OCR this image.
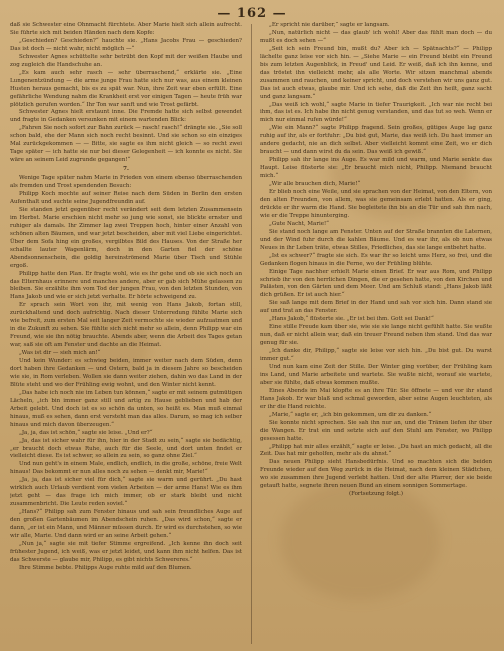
— 162 —

daß sie Schwester eine Ohnmacht fürchtete. Aber Marie hielt sich allein aufrecht. Sie führte sich mit beiden Händen nach dem Kopfe:

„Geschieden? Geschieden?“ hauchte sie. „Hans Jacobs Frau — geschieden? Das ist doch — nicht wahr, nicht möglich —“

Schwester Agnes schüttelte sehr betrübt den Kopf mit der weißen Haube und zog zugleich die Handschuhe an.

„Es kam auch sehr rasch — sehr überraschend,“ erklärte sie. „Eine Lungenentzündung — die arme junge Frau hatte sich nur was, aus einem kleinen Husten heraus gemacht, bis es zu spät war. Nun, ihre Zeit war eben erfüllt. Eine gefährliche Wendung nahm die Krankheit erst vor einigen Tagen — heute früh war plötzlich gerufen worden.“ Ihr Ton war sanft und wie Trost gefärbt.

Schwester Agnes hielt erstaunt inne. Die Fremde hatte sich selbst gewendet und fragte in Gedanken versunken mit einem wartenden Blick:

„Fahren Sie noch sofort zur Bahn zurück — rasch! rasch!“ drängte sie. „Sie soll schon bald, ehe der Mann sich noch recht besinnt. Und sie schon so ein einziges Mal zurückgekommen — — Bitte, sie sagte es ihm nicht gleich — so recht zwei Tage später — ich hatte sie nur bei dieser Gelegenheit — ich konnte es nicht. Sie wäre an seinem Leid zugrunde gegangen!“

7.

Wenige Tage später nahm Marie in Frieden von einem ebenso überraschenden als fremden und Trost spendenden Besuch:

Philipp Koch mochte auf seiner Reise nach dem Süden in Berlin den ersten Aufenthalt und suchte seine Jugendfreundin auf.

Sie standen jetzt gegenüber recht verändert seit dem letzten Zusammensein im Herbst. Marie erschien nicht mehr so jung wie sonst, sie blickte ernster und ruhiger als damals. Ihr Zimmer lag zwei Treppen hoch, hinter einer Anzahl von schönen alten Bäumen, und war jetzt bescheiden, aber mit viel Liebe eingerichtet. Über dem Sofa hing ein großes, vergilbtes Bild des Hauses. Von der Straße her schallte lauter Wagenlärm, doch in den Garten fiel der schöne Abendsonnenschein, die goldig hereinströmend Marie über Tisch und Stühle ergoß.

Philipp hatte den Plan. Er fragte wohl, wie es ihr gehe und ob sie sich noch an das Elternhaus erinnere und manches andere, aber er gab sich Mühe gelassen zu bleiben. Sie erzählte ihm vom Tod der jungen Frau, von den letzten Stunden, von Hans Jakob und wie er sich jetzt verhalte. Er hörte schweigend zu.

Er sprach sein Wort von ihr, mit wenig von Hans Jakob, fortan still, zurückhaltend und doch aufrichtig. Nach dieser Unterredung fühlte Marie sich wie befreit, zum ersten Mal seit langer Zeit vermochte sie wieder aufzuatmen und in die Zukunft zu sehen. Sie fühlte sich nicht mehr so allein, denn Philipp war ein Freund, wie sie ihn nötig brauchte. Abends aber, wenn die Arbeit des Tages getan war, saß sie oft am Fenster und dachte an die Heimat.

„Was ist dir — sieh mich an!“

Und kein Wunder: es schwieg beiden, immer weiter nach dem Süden, denn dort haben ihre Gedanken — und Ostern, bald ja in diesem Jahre so bescheiden wie sie, in Rom verleben. Wollen sie dann weiter ziehen, dahin wo das Land in der Blüte steht und wo der Frühling ewig wohnt, und den Winter nicht kennt.

„Das habe ich noch nie im Leben tun können,“ sagte er mit seinem gutmütigen Lächeln, „ich bin immer ganz still und artig zu Hause geblieben und hab der Arbeit gelebt. Und doch ist es so schön da unten, so heißt es. Man muß einmal hinaus, muß es sehen, dann erst versteht man das alles. Darum, so mag ich selber hinaus und mich davon überzeugen.“

„Ja, ja, das ist schön,“ sagte sie leise. „Und er?“

„Ja, das ist sicher wahr für ihn, hier in der Stadt zu sein,“ sagte sie bedächtig, „er braucht doch etwas Ruhe, auch für die Seele, und dort unten findet er vielleicht diese. Es ist schwer, so allein zu sein, so ganz ohne Ziel.“

Und nun geht's in einem Male, endlich, endlich, in die große, schöne, freie Welt hinaus! Das bekommt er nun alles noch zu sehen — denkt mir, Marie!“

„Ja, ja, das ist sicher viel für dich,“ sagte sie warm und gerührt. „Du hast wirklich auch Urlaub verdient vom vielen Arbeiten — der arme Hans! Wie es ihm jetzt geht — das frage ich mich immer, ob er stark bleibt und nicht zusammenbricht. Die Leute reden soviel.“

„Hans?“ Philipp sah zum Fenster hinaus und sah sein freundliches Auge auf den großen Gartenbäumen im Abendschein ruhen. „Das wird schon,“ sagte er dann, „er ist ein Mann, und Männer müssen durch. Er wird es durchstehen, so wie wir alle, Marie. Und dann wird er an seine Arbeit gehen.“

„Nun ja,“ sagte sie mit tiefer Stimme ergreifend. „Ich kenne ihn doch seit frühester Jugend, ich weiß, was er jetzt leidet, und kann ihm nicht helfen. Das ist das Schwerste — glaube mir, Philipp, es gibt nichts Schwereres.“

Ihre Stimme bebte. Philipps Auge ruhte mild auf den Blumen.

„Er spricht nie darüber,“ sagte er langsam.

„Nun, natürlich nicht — das glaub' ich wohl! Aber das fühlt man doch — du mußt es doch sehen —“

„Seit ich sein Freund bin, mußt du? Aber ich — Spätnachts?“ — Philipp lächelte ganz leise vor sich hin. — „Siehe Marie — ein Freund bleibt ein Freund bis zum letzten Augenblick, in Freud' und Leid. Er weiß, daß ich ihn kenne, und das tröstet ihn vielleicht mehr, als alle Worte. Wir sitzen manchmal abends zusammen und rauchen, und keiner spricht, und doch verstehen wir uns ganz gut. Das ist auch etwas, glaube mir. Und ich sehe, daß die Zeit ihn heilt, ganz sacht und ganz langsam.“

„Das weiß ich wohl,“ sagte Marie in tiefer Traurigkeit. „Ich war nie recht bei ihm, das ist es. Ich habe ihn nicht genug verstanden, und das tut so weh. Wenn er mich nur einmal rufen würde!“

„Wie ein Mann?“ sagte Philipp fragend. Sein großes, gütiges Auge lag ganz ruhig auf ihr, als er fortfuhr: „Du bist gut, Marie, das weiß ich. Du hast immer an andere gedacht, nie an dich selbst. Aber vielleicht kommt eine Zeit, wo er dich braucht — und dann wirst du da sein. Das weiß ich gewiß.“

Philipp sah ihr lange ins Auge. Es war mild und warm, und Marie senkte das Haupt. Leise flüsterte sie: „Er braucht mich nicht, Philipp. Niemand braucht mich.“

„Wir alle brauchen dich, Marie!“

Er blieb noch eine Weile, und sie sprachen von der Heimat, von den Eltern, von den alten Freunden, von allem, was sie gemeinsam erlebt hatten. Als er ging, drückte er ihr warm die Hand. Sie begleitete ihn bis an die Tür und sah ihm nach, wie er die Treppe hinunterging.

„Gute Nacht, Marie!“

Sie stand noch lange am Fenster. Unten auf der Straße brannten die Laternen, und der Wind fuhr durch die kahlen Bäume. Und es war ihr, als ob nun etwas Neues in ihr Leben träte, etwas Stilles, Friedliches, das sie lange entbehrt hatte.

„Ist es schwer?“ fragte sie sich. Es war ihr so leicht ums Herz, so frei, und die Gedanken flogen hinaus in die Ferne, wo der Frühling blühte.

Einige Tage nachher erhielt Marie einen Brief. Er war aus Rom, und Philipp schrieb ihr von den herrlichen Dingen, die er gesehen hatte, von den Kirchen und Palästen, von den Gärten und dem Meer. Und am Schluß stand: „Hans Jakob läßt dich grüßen. Er ist auch hier.“

Sie saß lange mit dem Brief in der Hand und sah vor sich hin. Dann stand sie auf und trat an das Fenster.

„Hans Jakob,“ flüsterte sie. „Er ist bei ihm. Gott sei Dank!“

Eine stille Freude kam über sie, wie sie sie lange nicht gefühlt hatte. Sie wußte nun, daß er nicht allein war, daß ein treuer Freund neben ihm stand. Und das war genug für sie.

„Ich danke dir, Philipp,“ sagte sie leise vor sich hin. „Du bist gut. Du warst immer gut.“

Und nun kam eine Zeit der Stille. Der Winter ging vorüber, der Frühling kam ins Land, und Marie arbeitete und wartete. Sie wußte nicht, worauf sie wartete, aber sie fühlte, daß etwas kommen mußte.

Eines Abends im Mai klopfte es an ihre Tür. Sie öffnete — und vor ihr stand Hans Jakob. Er war blaß und schmal geworden, aber seine Augen leuchteten, als er ihr die Hand reichte.

„Marie,“ sagte er, „ich bin gekommen, um dir zu danken.“

Sie konnte nicht sprechen. Sie sah ihn nur an, und die Tränen liefen ihr über die Wangen. Er trat ein und setzte sich auf den Stuhl am Fenster, wo Philipp gesessen hatte.

„Philipp hat mir alles erzählt,“ sagte er leise. „Du hast an mich gedacht, all die Zeit. Das hat mir geholfen, mehr als du ahnst.“

Das neuen Philipp sieht Hansbedürfnis. Und so machten sich die beiden Freunde wieder auf den Weg zurück in die Heimat, nach dem kleinen Städtchen, wo sie zusammen ihre Jugend verlebt hatten. Und der alte Pfarrer, der sie beide getauft hatte, segnete ihren neuen Bund an einem sonnigen Sommertage.

(Fortsetzung folgt.)
